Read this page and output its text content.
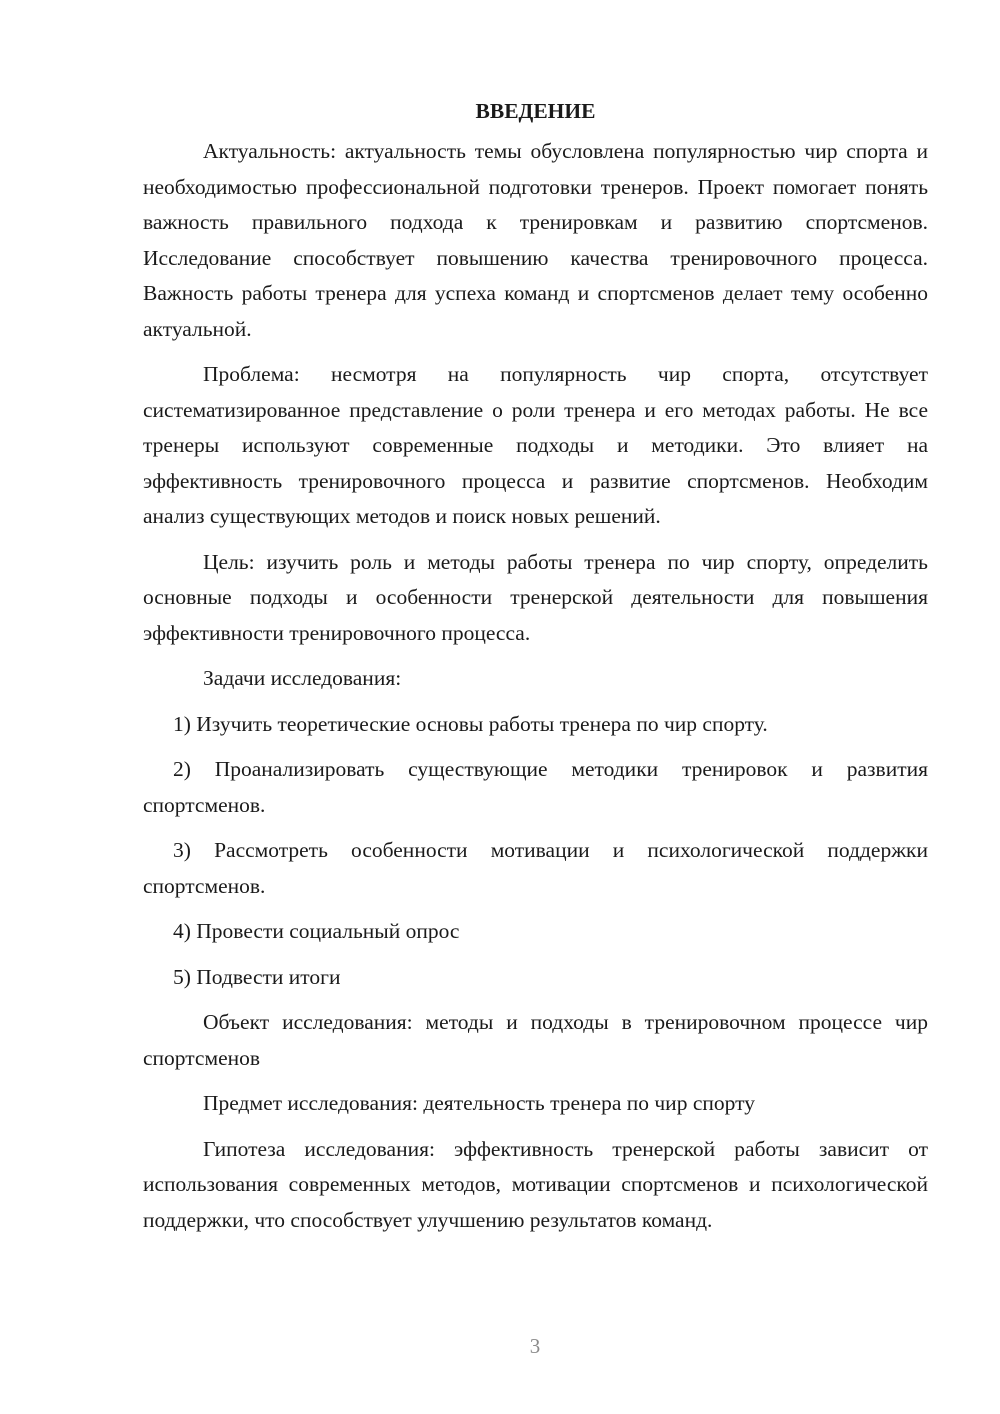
ВВЕДЕНИЕ

Актуальность: актуальность темы обусловлена популярностью чир спорта и необходимостью профессиональной подготовки тренеров. Проект помогает понять важность правильного подхода к тренировкам и развитию спортсменов. Исследование способствует повышению качества тренировочного процесса. Важность работы тренера для успеха команд и спортсменов делает тему особенно актуальной.

Проблема: несмотря на популярность чир спорта, отсутствует систематизированное представление о роли тренера и его методах работы. Не все тренеры используют современные подходы и методики. Это влияет на эффективность тренировочного процесса и развитие спортсменов. Необходим анализ существующих методов и поиск новых решений.

Цель: изучить роль и методы работы тренера по чир спорту, определить основные подходы и особенности тренерской деятельности для повышения эффективности тренировочного процесса.

Задачи исследования:

1) Изучить теоретические основы работы тренера по чир спорту.

2) Проанализировать существующие методики тренировок и развития спортсменов.

3) Рассмотреть особенности мотивации и психологической поддержки спортсменов.

4) Провести социальный опрос

5) Подвести итоги

Объект исследования: методы и подходы в тренировочном процессе чир спортсменов

Предмет исследования: деятельность тренера по чир спорту

Гипотеза исследования: эффективность тренерской работы зависит от использования современных методов, мотивации спортсменов и психологической поддержки, что способствует улучшению результатов команд.

3
